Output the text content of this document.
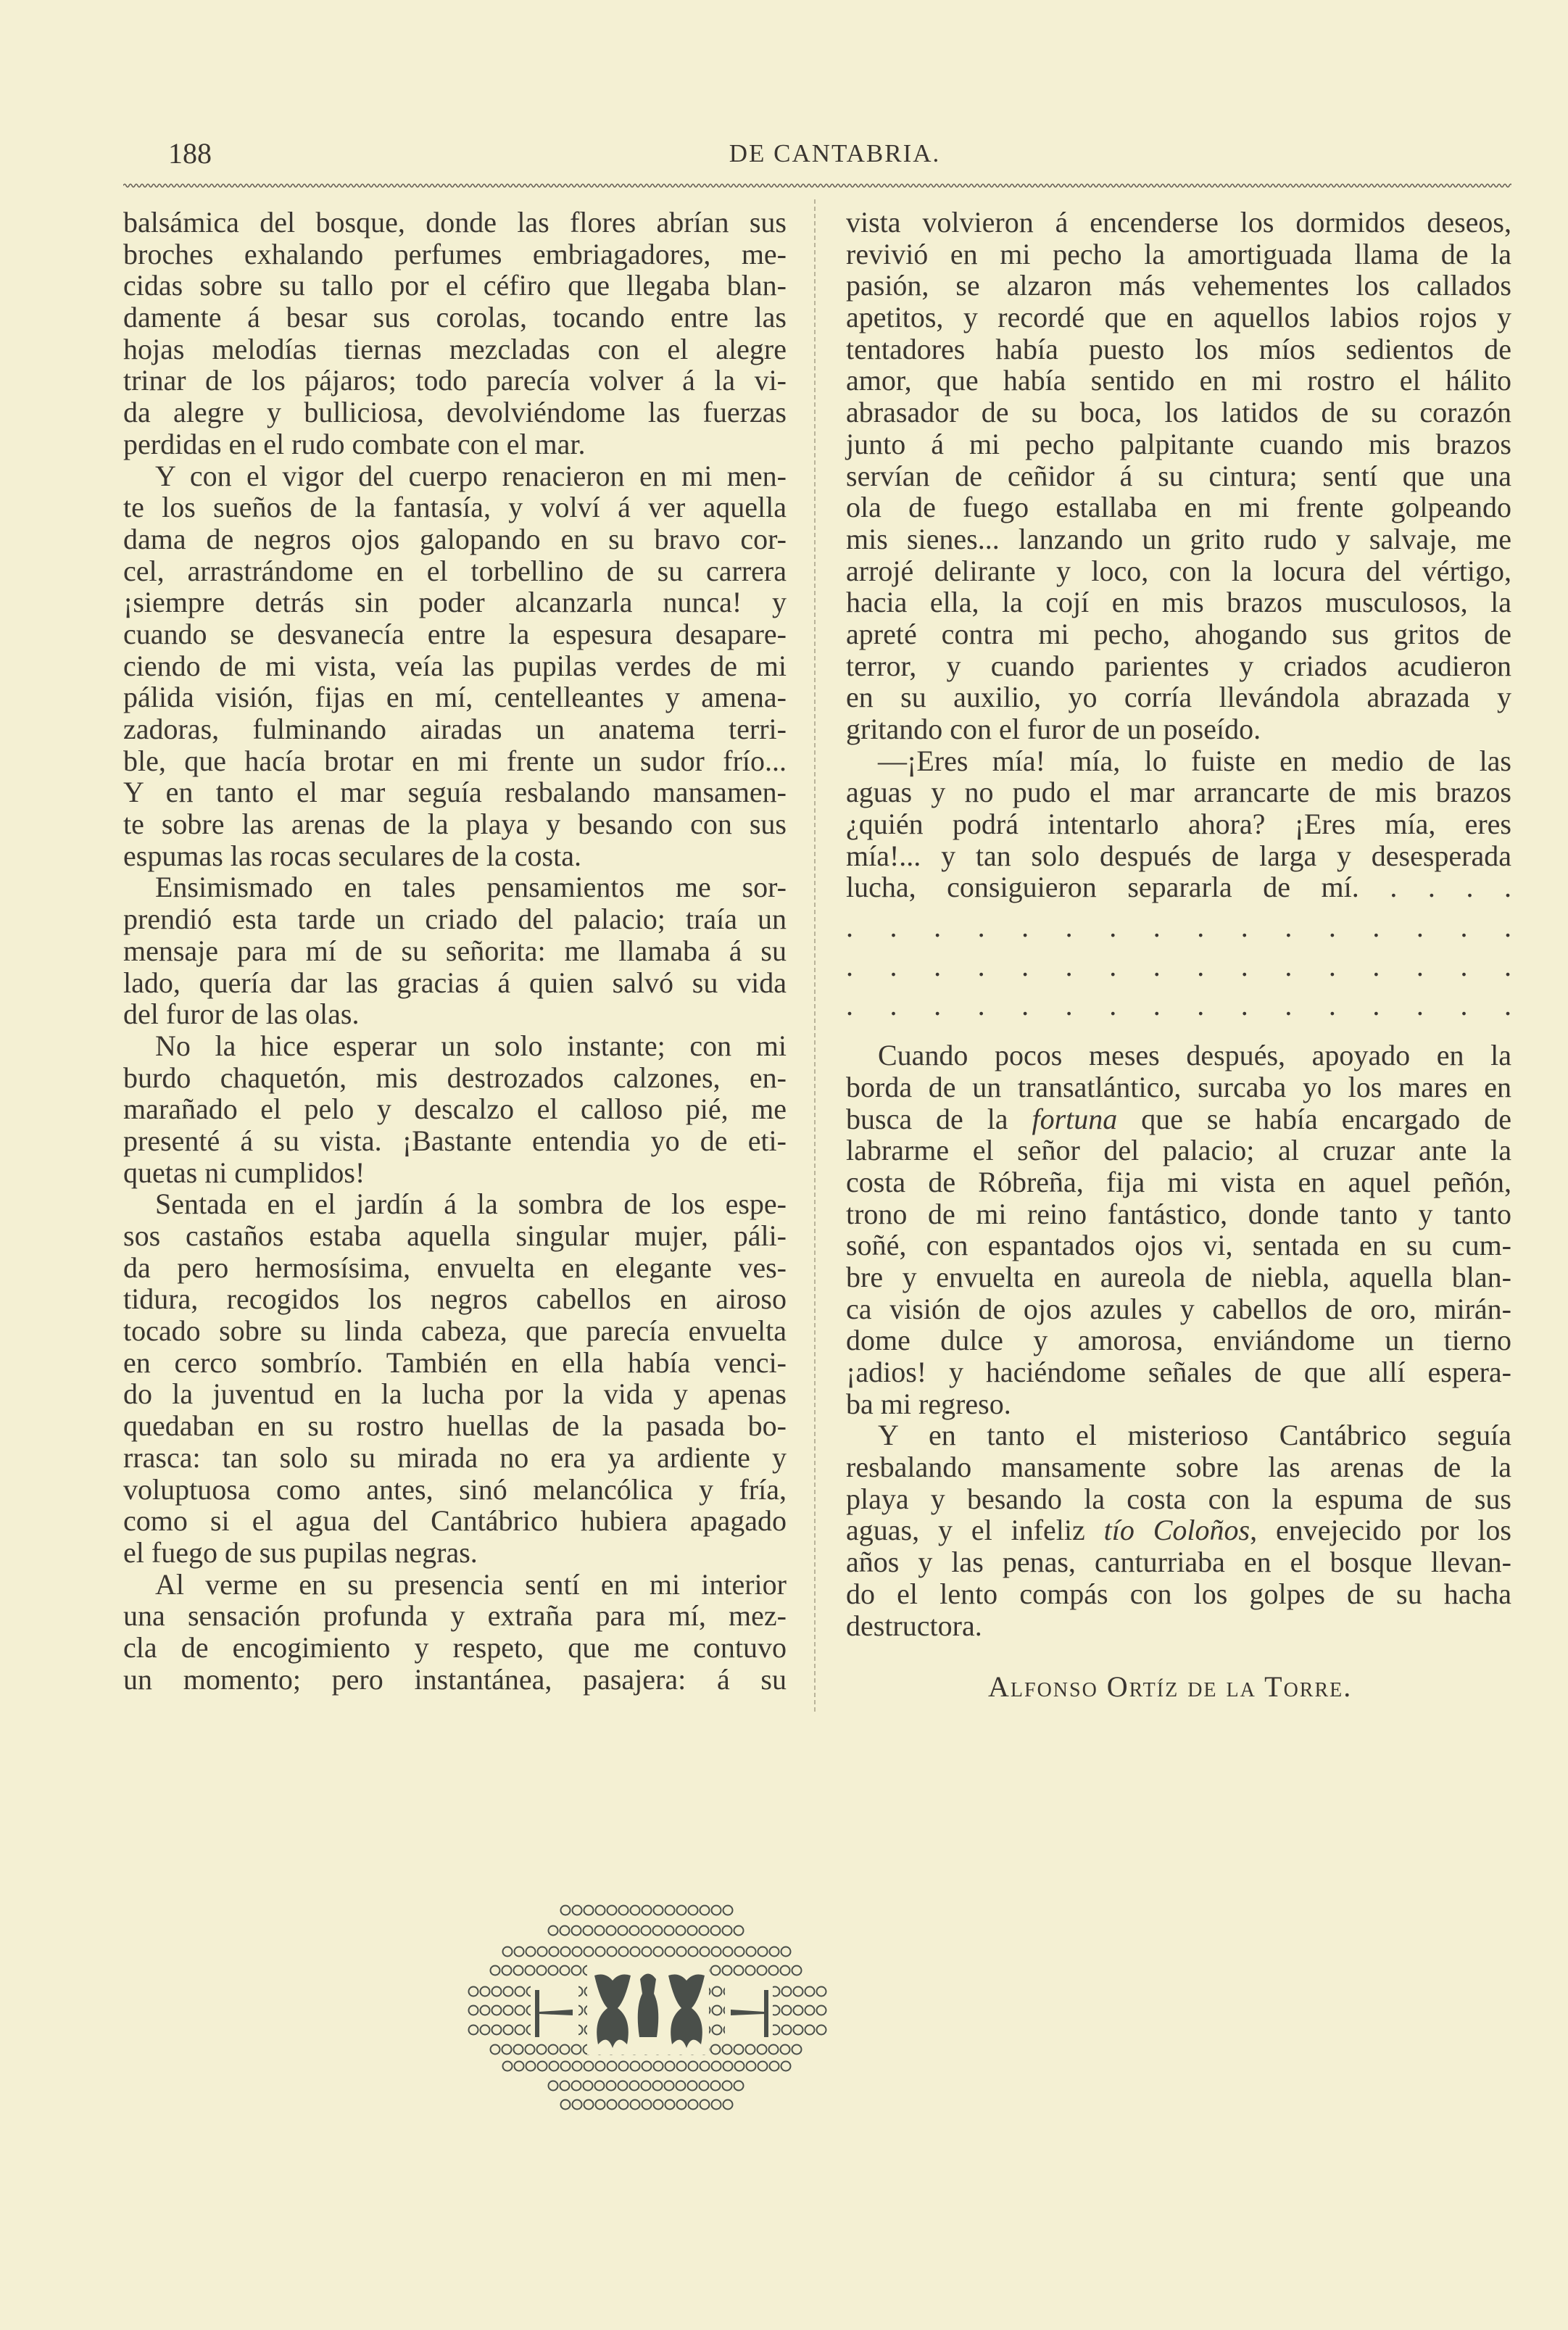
188	DE CANTABRIA.
balsámica del bosque, donde las flores abrían sus
broches exhalando perfumes embriagadores, me-
cidas sobre su tallo por el céfiro que llegaba blan-
damente á besar sus corolas, tocando entre las
hojas melodías tiernas mezcladas con el alegre
trinar de los pájaros; todo parecía volver á la vi-
da alegre y bulliciosa, devolviéndome las fuerzas
perdidas en el rudo combate con el mar.
Y con el vigor del cuerpo renacieron en mi men-
te los sueños de la fantasía, y volví á ver aquella
dama de negros ojos galopando en su bravo cor-
cel, arrastrándome en el torbellino de su carrera
¡siempre detrás sin poder alcanzarla nunca! y
cuando se desvanecía entre la espesura desapare-
ciendo de mi vista, veía las pupilas verdes de mi
pálida visión, fijas en mí, centelleantes y amena-
zadoras, fulminando airadas un anatema terri-
ble, que hacía brotar en mi frente un sudor frío...
Y en tanto el mar seguía resbalando mansamen-
te sobre las arenas de la playa y besando con sus
espumas las rocas seculares de la costa.
Ensimismado en tales pensamientos me sor-
prendió esta tarde un criado del palacio; traía un
mensaje para mí de su señorita: me llamaba á su
lado, quería dar las gracias á quien salvó su vida
del furor de las olas.
No la hice esperar un solo instante; con mi
burdo chaquetón, mis destrozados calzones, en-
marañado el pelo y descalzo el calloso pié, me
presenté á su vista. ¡Bastante entendia yo de eti-
quetas ni cumplidos!
Sentada en el jardín á la sombra de los espe-
sos castaños estaba aquella singular mujer, páli-
da pero hermosísima, envuelta en elegante ves-
tidura, recogidos los negros cabellos en airoso
tocado sobre su linda cabeza, que parecía envuelta
en cerco sombrío. También en ella había venci-
do la juventud en la lucha por la vida y apenas
quedaban en su rostro huellas de la pasada bo-
rrasca: tan solo su mirada no era ya ardiente y
voluptuosa como antes, sinó melancólica y fría,
como si el agua del Cantábrico hubiera apagado
el fuego de sus pupilas negras.
Al verme en su presencia sentí en mi interior
una sensación profunda y extraña para mí, mez-
cla de encogimiento y respeto, que me contuvo
un momento; pero instantánea, pasajera: á su
vista volvieron á encenderse los dormidos deseos,
revivió en mi pecho la amortiguada llama de la
pasión, se alzaron más vehementes los callados
apetitos, y recordé que en aquellos labios rojos y
tentadores había puesto los míos sedientos de
amor, que había sentido en mi rostro el hálito
abrasador de su boca, los latidos de su corazón
junto á mi pecho palpitante cuando mis brazos
servían de ceñidor á su cintura; sentí que una
ola de fuego estallaba en mi frente golpeando
mis sienes... lanzando un grito rudo y salvaje, me
arrojé delirante y loco, con la locura del vértigo,
hacia ella, la cojí en mis brazos musculosos, la
apreté contra mi pecho, ahogando sus gritos de
terror, y cuando parientes y criados acudieron
en su auxilio, yo corría llevándola abrazada y
gritando con el furor de un poseído.
—¡Eres mía! mía, lo fuiste en medio de las
aguas y no pudo el mar arrancarte de mis brazos
¿quién podrá intentarlo ahora? ¡Eres mía, eres
mía!... y tan solo después de larga y desesperada
lucha, consiguieron separarla de mí. . . . .
. . . . . . . . . . . . . . . .
. . . . . . . . . . . . . . . .
. . . . . . . . . . . . . . . .
Cuando pocos meses después, apoyado en la
borda de un transatlántico, surcaba yo los mares en
busca de la fortuna que se había encargado de
labrarme el señor del palacio; al cruzar ante la
costa de Róbreña, fija mi vista en aquel peñón,
trono de mi reino fantástico, donde tanto y tanto
soñé, con espantados ojos vi, sentada en su cum-
bre y envuelta en aureola de niebla, aquella blan-
ca visión de ojos azules y cabellos de oro, mirán-
dome dulce y amorosa, enviándome un tierno
¡adios! y haciéndome señales de que allí espera-
ba mi regreso.
Y en tanto el misterioso Cantábrico seguía
resbalando mansamente sobre las arenas de la
playa y besando la costa con la espuma de sus
aguas, y el infeliz tío Coloños, envejecido por los
años y las penas, canturriaba en el bosque llevan-
do el lento compás con los golpes de su hacha
destructora.
Alfonso Ortíz de la Torre.
